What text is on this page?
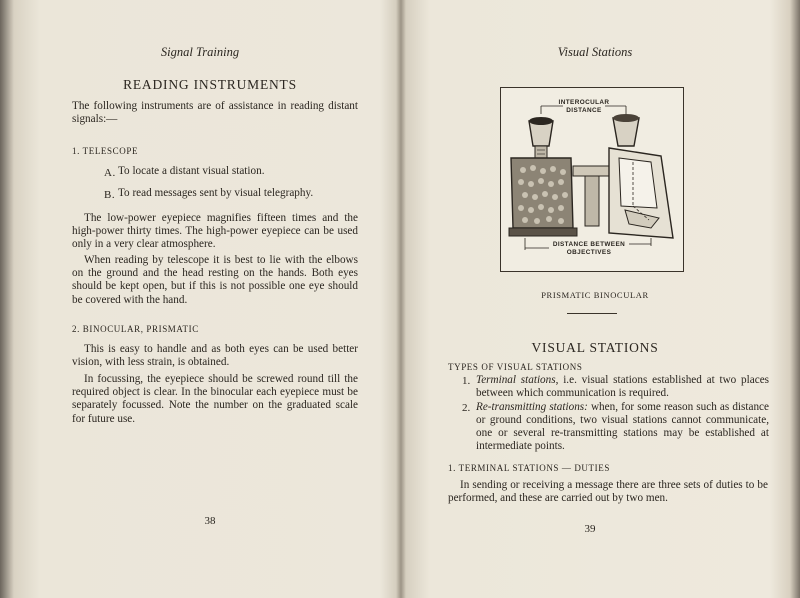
Signal Training

READING INSTRUMENTS

The following instruments are of assistance in reading distant signals:—

1. TELESCOPE

A. To locate a distant visual station.
B. To read messages sent by visual telegraphy.

The low-power eyepiece magnifies fifteen times and the high-power thirty times. The high-power eyepiece can be used only in a very clear atmosphere.

When reading by telescope it is best to lie with the elbows on the ground and the head resting on the hands. Both eyes should be kept open, but if this is not possible one eye should be covered with the hand.

2. BINOCULAR, PRISMATIC

This is easy to handle and as both eyes can be used better vision, with less strain, is obtained.

In focussing, the eyepiece should be screwed round till the required object is clear. In the binocular each eyepiece must be separately focussed. Note the number on the graduated scale for future use.

38

Visual Stations

INTEROCULAR
DISTANCE
DISTANCE BETWEEN
OBJECTIVES

PRISMATIC BINOCULAR

VISUAL STATIONS

TYPES OF VISUAL STATIONS

1. Terminal stations, i.e. visual stations established at two places between which communication is required.

2. Re-transmitting stations: when, for some reason such as distance or ground conditions, two visual stations cannot communicate, one or several re-transmitting stations may be established at intermediate points.

1. TERMINAL STATIONS — DUTIES

In sending or receiving a message there are three sets of duties to be performed, and these are carried out by two men.

39
